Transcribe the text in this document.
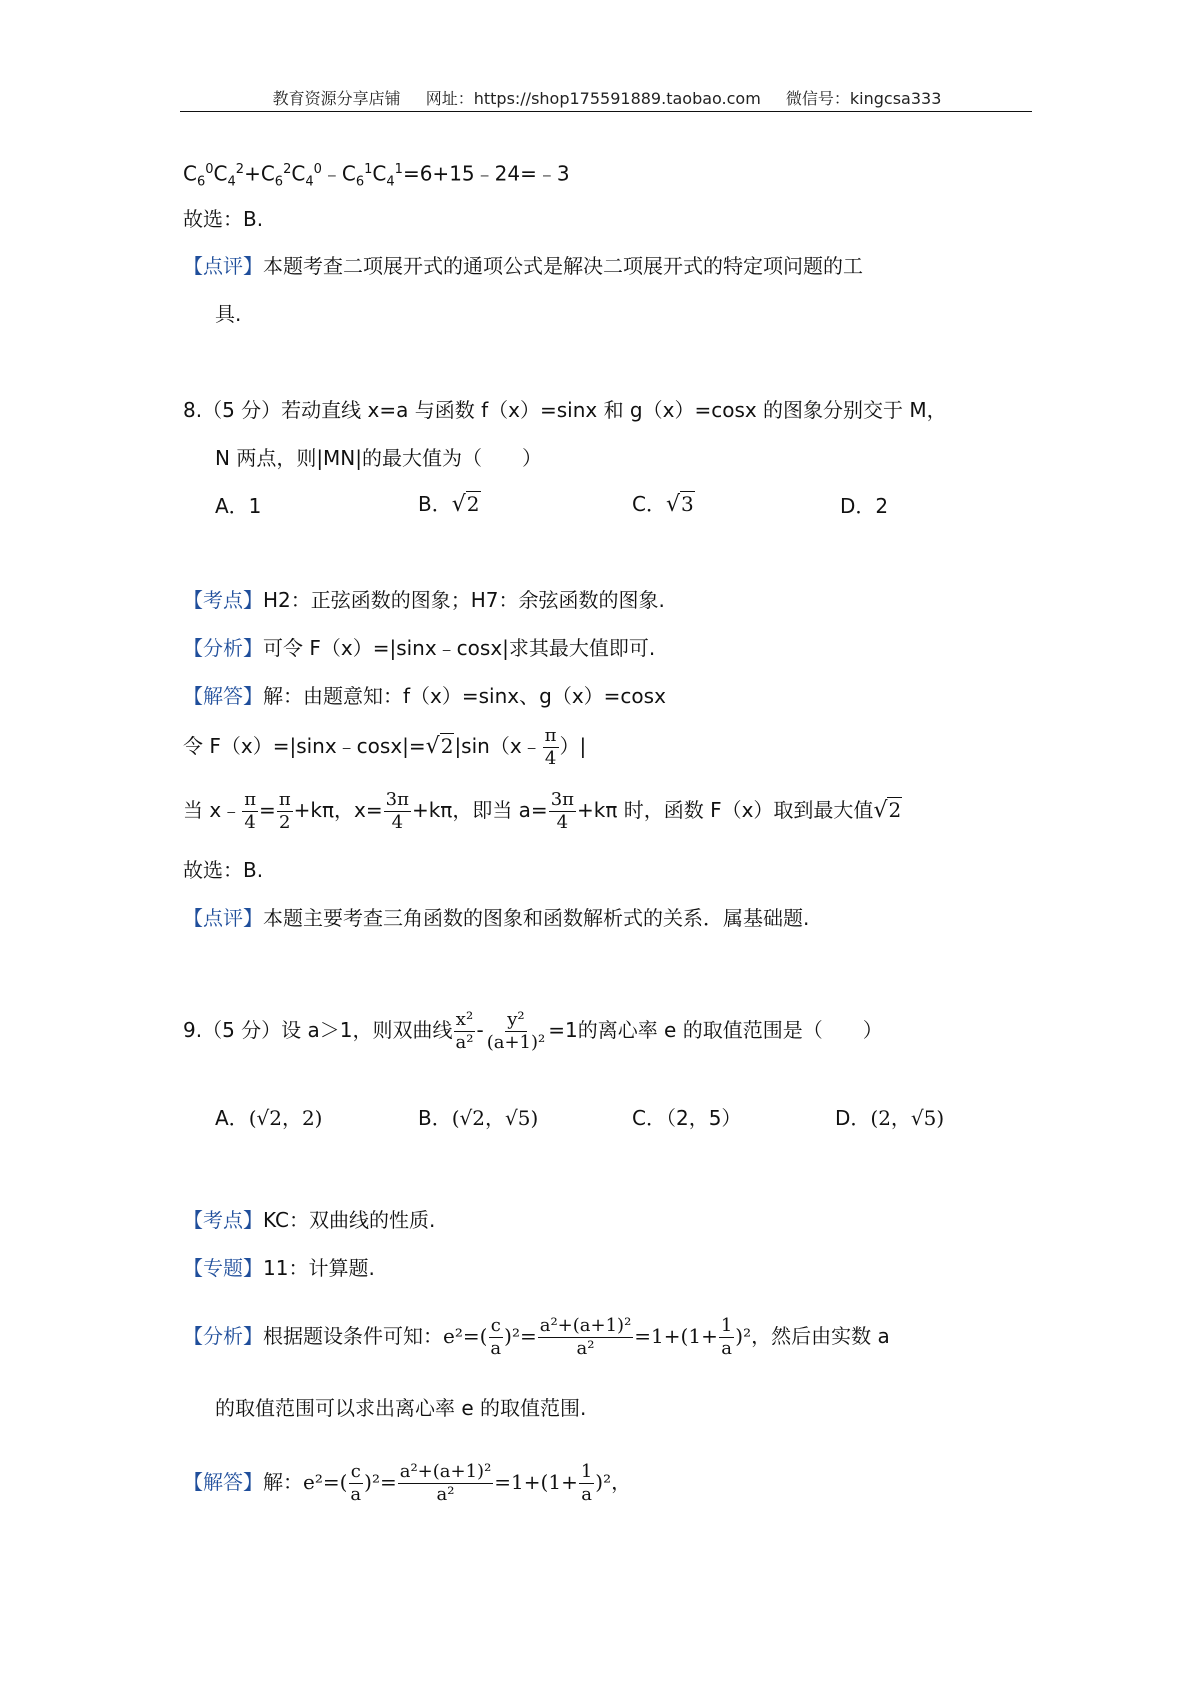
教育资源分享店铺 网址：https://shop175591889.taobao.com 微信号：kingcsa333
$C_6^0C_4^2+C_6^2C_4^0﹣C_6^1C_4^1=6+15﹣24=﹣3$
故选：B.
【点评】本题考查二项展开式的通项公式是解决二项展开式的特定项问题的工
具.
8.（5 分）若动直线 x=a 与函数 f（x）=sinx 和 g（x）=cosx 的图象分别交于 M，
N 两点，则|MN|的最大值为（　　）
A．1	B．√2	C．√3	D．2
【考点】H2：正弦函数的图象；H7：余弦函数的图象.
【分析】可令 F（x）=|sinx﹣cosx|求其最大值即可.
【解答】解：由题意知：f（x）=sinx、g（x）=cosx
令 F（x）=|sinx﹣cosx|=√2|sin（x﹣ $\frac{\pi}{4}$ ）|
当 x﹣ $\frac{\pi}{4} = \frac{\pi}{2} +k\pi$，$x= \frac{3\pi}{4} +k\pi$，即当 $a= \frac{3\pi}{4} +k\pi$ 时，函数 F（x）取到最大值√2
故选：B.
【点评】本题主要考查三角函数的图象和函数解析式的关系．属基础题.
9.（5 分）设 a＞1，则双曲线 $\frac{\text{x²}}{\text{a²}} - \frac{\text{y²}}{\text{(a+1)²}} =1$的离心率 e 的取值范围是（　　）
A．(√2，2)	B．(√2，√5)	C．（2，5）	D．(2，√5)
【考点】KC：双曲线的性质.
【专题】11：计算题.
【分析】根据题设条件可知：$e^2=( \frac{c}{a} )^2= \frac{\text{a²+(a+1)²}}{\text{a²}} =1+(1+ \frac{1}{a} )^2$，然后由实数 a
的取值范围可以求出离心率 e 的取值范围.
【解答】解：$e^2=( \frac{c}{a} )^2= \frac{\text{a²+(a+1)²}}{\text{a²}} =1+(1+ \frac{1}{a} )^2$，
